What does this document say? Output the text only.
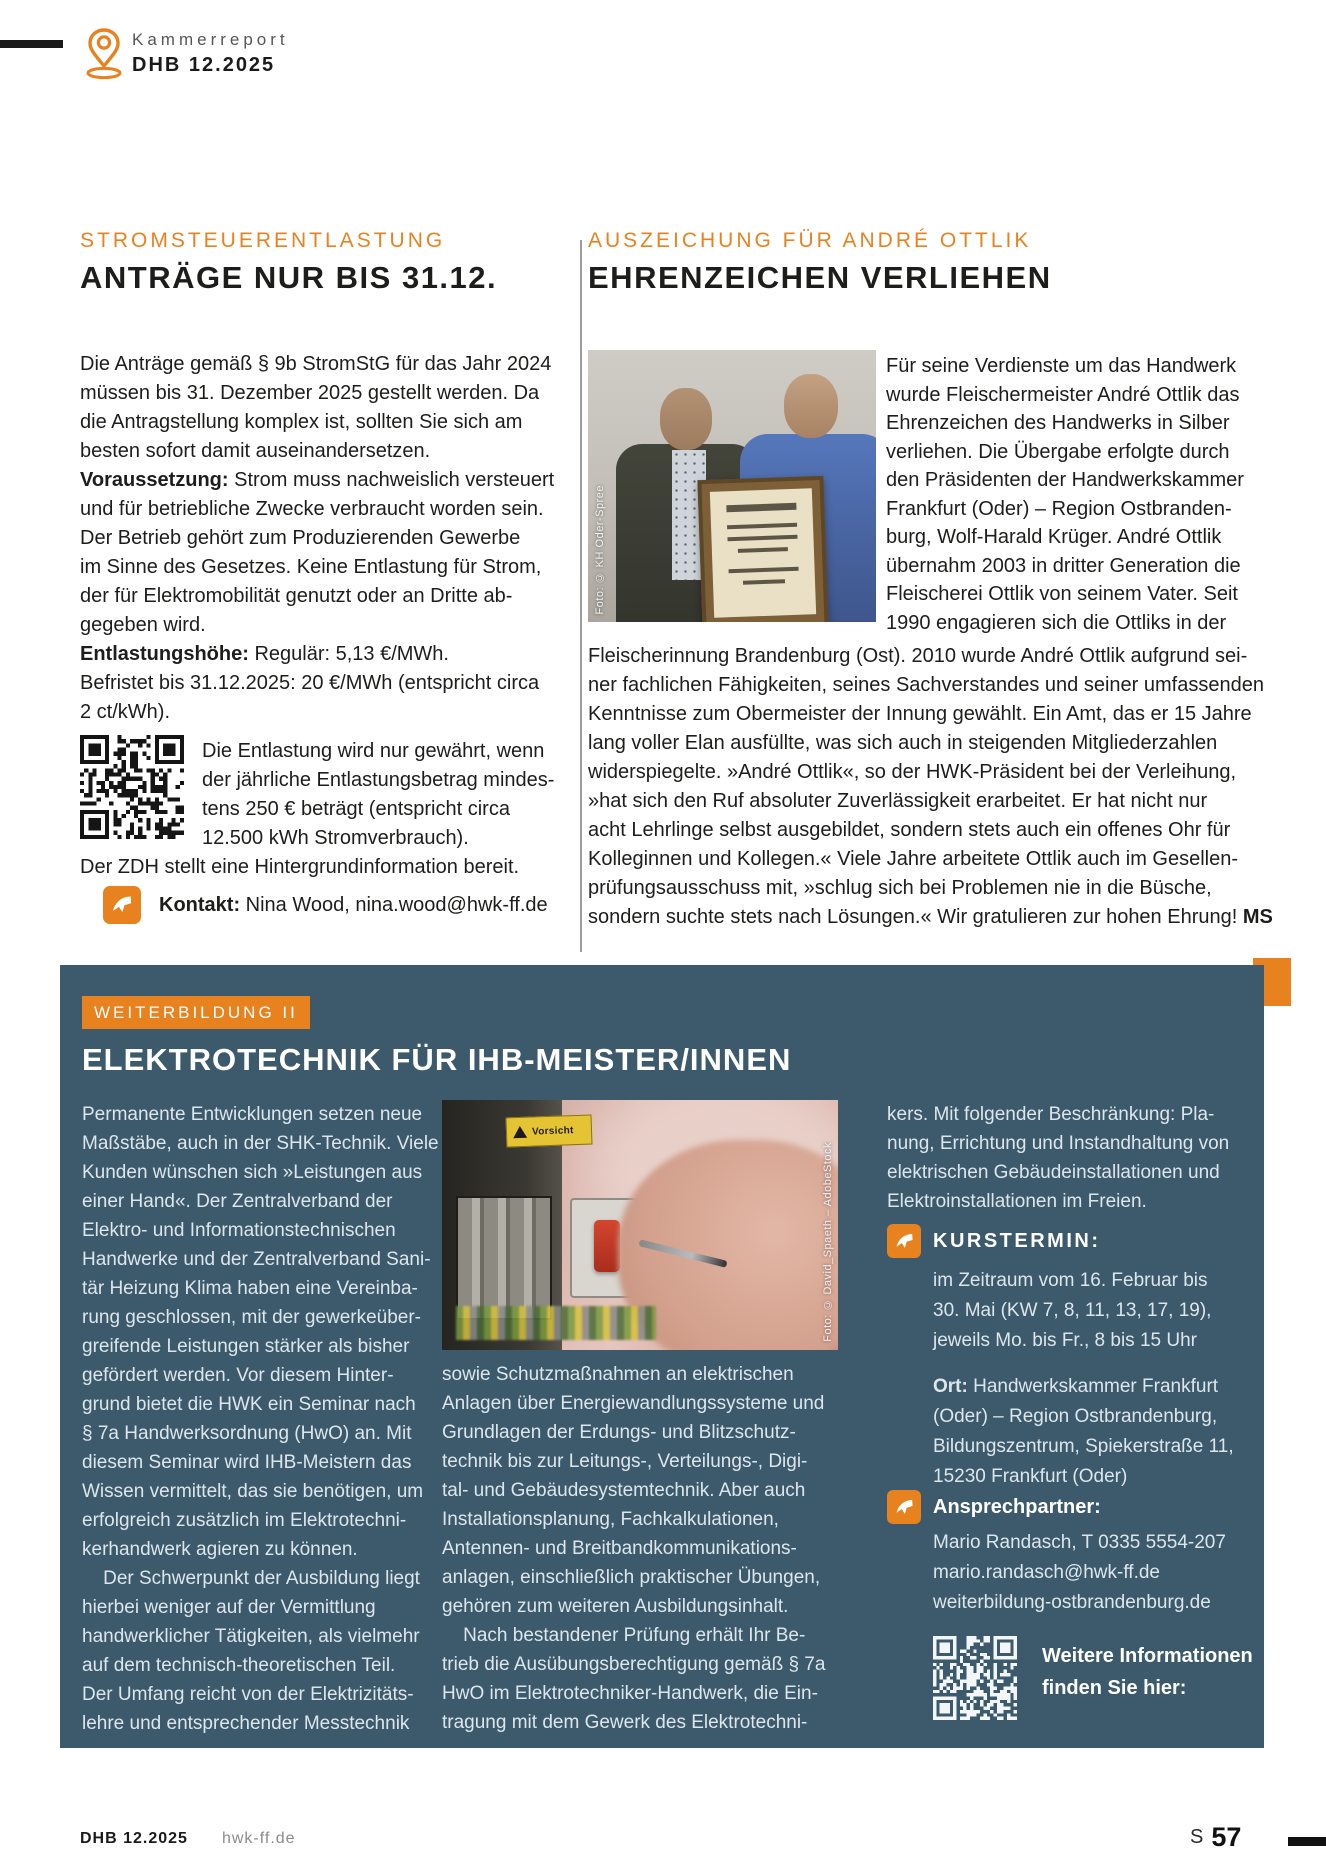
Kammerreport
DHB 12.2025
STROMSTEUERENTLASTUNG
ANTRÄGE NUR BIS 31.12.
Die Anträge gemäß § 9b StromStG für das Jahr 2024
müssen bis 31. Dezember 2025 gestellt werden. Da
die Antragstellung komplex ist, sollten Sie sich am
besten sofort damit auseinandersetzen.
Voraussetzung: Strom muss nachweislich versteuert
und für betriebliche Zwecke verbraucht worden sein.
Der Betrieb gehört zum Produzierenden Gewerbe
im Sinne des Gesetzes. Keine Entlastung für Strom,
der für Elektromobilität genutzt oder an Dritte ab-
gegeben wird.
Entlastungshöhe: Regulär: 5,13 €/MWh.
Befristet bis 31.12.2025: 20 €/MWh (entspricht circa
2 ct/kWh).
Die Entlastung wird nur gewährt, wenn
der jährliche Entlastungsbetrag mindes-
tens 250 € beträgt (entspricht circa
12.500 kWh Stromverbrauch).
Der ZDH stellt eine Hintergrundinformation bereit.
Kontakt: Nina Wood, nina.wood@hwk-ff.de
AUSZEICHUNG FÜR ANDRÉ OTTLIK
EHRENZEICHEN VERLIEHEN
Foto: © KH Oder-Spree
Für seine Verdienste um das Handwerk
wurde Fleischermeister André Ottlik das
Ehrenzeichen des Handwerks in Silber
verliehen. Die Übergabe erfolgte durch
den Präsidenten der Handwerkskammer
Frankfurt (Oder) – Region Ostbranden-
burg, Wolf-Harald Krüger. André Ottlik
übernahm 2003 in dritter Generation die
Fleischerei Ottlik von seinem Vater. Seit
1990 engagieren sich die Ottliks in der
Fleischerinnung Brandenburg (Ost). 2010 wurde André Ottlik aufgrund sei-
ner fachlichen Fähigkeiten, seines Sachverstandes und seiner umfassenden
Kenntnisse zum Obermeister der Innung gewählt. Ein Amt, das er 15 Jahre
lang voller Elan ausfüllte, was sich auch in steigenden Mitgliederzahlen
widerspiegelte. »André Ottlik«, so der HWK-Präsident bei der Verleihung,
»hat sich den Ruf absoluter Zuverlässigkeit erarbeitet. Er hat nicht nur
acht Lehrlinge selbst ausgebildet, sondern stets auch ein offenes Ohr für
Kolleginnen und Kollegen.« Viele Jahre arbeitete Ottlik auch im Gesellen-
prüfungsausschuss mit, »schlug sich bei Problemen nie in die Büsche,
sondern suchte stets nach Lösungen.« Wir gratulieren zur hohen Ehrung! MS
WEITERBILDUNG II
ELEKTROTECHNIK FÜR IHB-MEISTER/INNEN
Permanente Entwicklungen setzen neue
Maßstäbe, auch in der SHK-Technik. Viele
Kunden wünschen sich »Leistungen aus
einer Hand«. Der Zentralverband der
Elektro- und Informationstechnischen
Handwerke und der Zentralverband Sani-
tär Heizung Klima haben eine Vereinba-
rung geschlossen, mit der gewerkeüber-
greifende Leistungen stärker als bisher
gefördert werden. Vor diesem Hinter-
grund bietet die HWK ein Seminar nach
§ 7a Handwerksordnung (HwO) an. Mit
diesem Seminar wird IHB-Meistern das
Wissen vermittelt, das sie benötigen, um
erfolgreich zusätzlich im Elektrotechni-
kerhandwerk agieren zu können.
Der Schwerpunkt der Ausbildung liegt
hierbei weniger auf der Vermittlung
handwerklicher Tätigkeiten, als vielmehr
auf dem technisch-theoretischen Teil.
Der Umfang reicht von der Elektrizitäts-
lehre und entsprechender Messtechnik
Vorsicht
Foto: © David_Spaeth – AdobeStock
sowie Schutzmaßnahmen an elektrischen
Anlagen über Energiewandlungssysteme und
Grundlagen der Erdungs- und Blitzschutz-
technik bis zur Leitungs-, Verteilungs-, Digi-
tal- und Gebäudesystemtechnik. Aber auch
Installationsplanung, Fachkalkulationen,
Antennen- und Breitbandkommunikations-
anlagen, einschließlich praktischer Übungen,
gehören zum weiteren Ausbildungsinhalt.
Nach bestandener Prüfung erhält Ihr Be-
trieb die Ausübungsberechtigung gemäß § 7a
HwO im Elektrotechniker-Handwerk, die Ein-
tragung mit dem Gewerk des Elektrotechni-
kers. Mit folgender Beschränkung: Pla-
nung, Errichtung und Instandhaltung von
elektrischen Gebäudeinstallationen und
Elektroinstallationen im Freien.
KURSTERMIN:
im Zeitraum vom 16. Februar bis
30. Mai (KW 7, 8, 11, 13, 17, 19),
jeweils Mo. bis Fr., 8 bis 15 Uhr
Ort: Handwerkskammer Frankfurt
(Oder) – Region Ostbrandenburg,
Bildungszentrum, Spiekerstraße 11,
15230 Frankfurt (Oder)
Ansprechpartner:
Mario Randasch, T 0335 5554-207
mario.randasch@hwk-ff.de
weiterbildung-ostbrandenburg.de
Weitere Informationen
finden Sie hier:
DHB 12.2025 hwk-ff.de	S 57
